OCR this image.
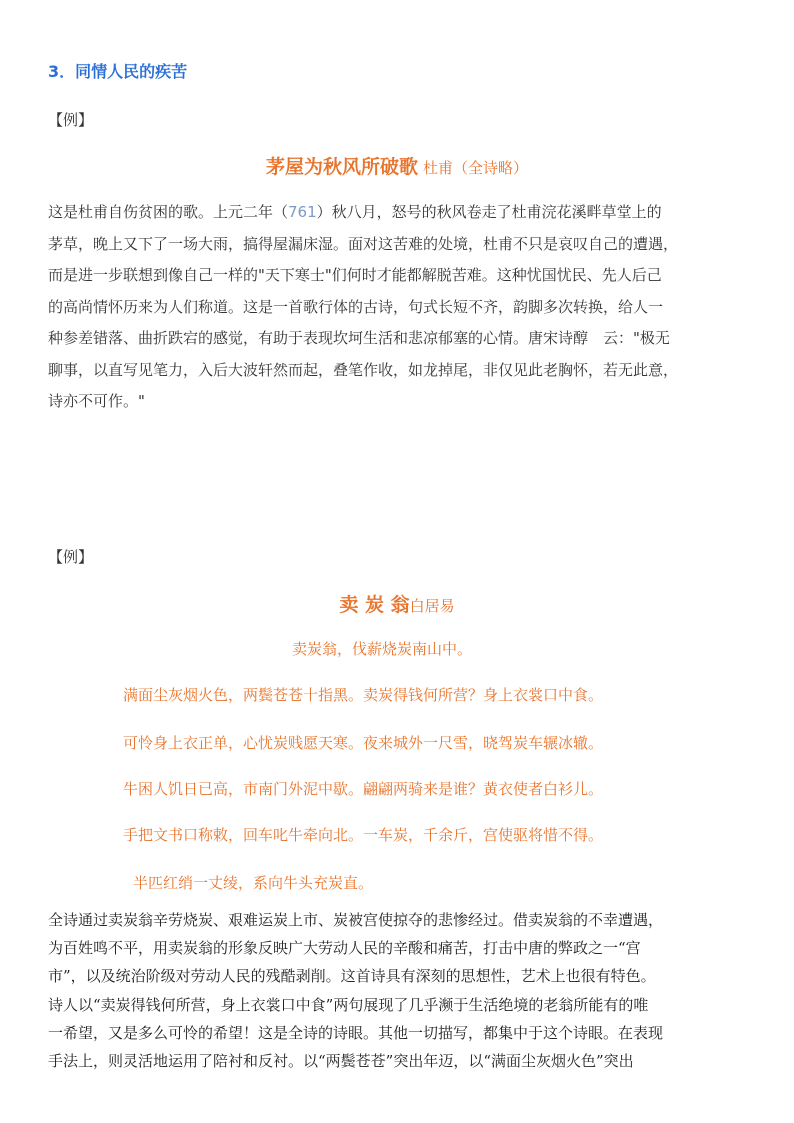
3．同情人民的疾苦
【例】
茅屋为秋风所破歌 杜甫（全诗略）
这是杜甫自伤贫困的歌。上元二年（761）秋八月，怒号的秋风卷走了杜甫浣花溪畔草堂上的
茅草，晚上又下了一场大雨，搞得屋漏床湿。面对这苦难的处境，杜甫不只是哀叹自己的遭遇，
而是进一步联想到像自己一样的"天下寒士"们何时才能都解脱苦难。这种忧国忧民、先人后己
的高尚情怀历来为人们称道。这是一首歌行体的古诗，句式长短不齐，韵脚多次转换，给人一
种参差错落、曲折跌宕的感觉，有助于表现坎坷生活和悲凉郁塞的心情。唐宋诗醇　云："极无
聊事，以直写见笔力，入后大波轩然而起，叠笔作收，如龙掉尾，非仅见此老胸怀，若无此意，
诗亦不可作。"
【例】
卖 炭 翁白居易
卖炭翁，伐薪烧炭南山中。
满面尘灰烟火色，两鬓苍苍十指黑。卖炭得钱何所营？身上衣裳口中食。
可怜身上衣正单，心忧炭贱愿天寒。夜来城外一尺雪，晓驾炭车辗冰辙。
牛困人饥日已高，市南门外泥中歇。翩翩两骑来是谁？黄衣使者白衫儿。
手把文书口称敕，回车叱牛牵向北。一车炭，千余斤，宫使驱将惜不得。
半匹红绡一丈绫，系向牛头充炭直。
全诗通过卖炭翁辛劳烧炭、艰难运炭上市、炭被宫使掠夺的悲惨经过。借卖炭翁的不幸遭遇，
为百姓鸣不平，用卖炭翁的形象反映广大劳动人民的辛酸和痛苦，打击中唐的弊政之一“宫
市”，以及统治阶级对劳动人民的残酷剥削。这首诗具有深刻的思想性，艺术上也很有特色。
诗人以“卖炭得钱何所营，身上衣裳口中食”两句展现了几乎濒于生活绝境的老翁所能有的唯
一希望，又是多么可怜的希望！这是全诗的诗眼。其他一切描写，都集中于这个诗眼。在表现
手法上，则灵活地运用了陪衬和反衬。以“两鬓苍苍”突出年迈，以“满面尘灰烟火色”突出
